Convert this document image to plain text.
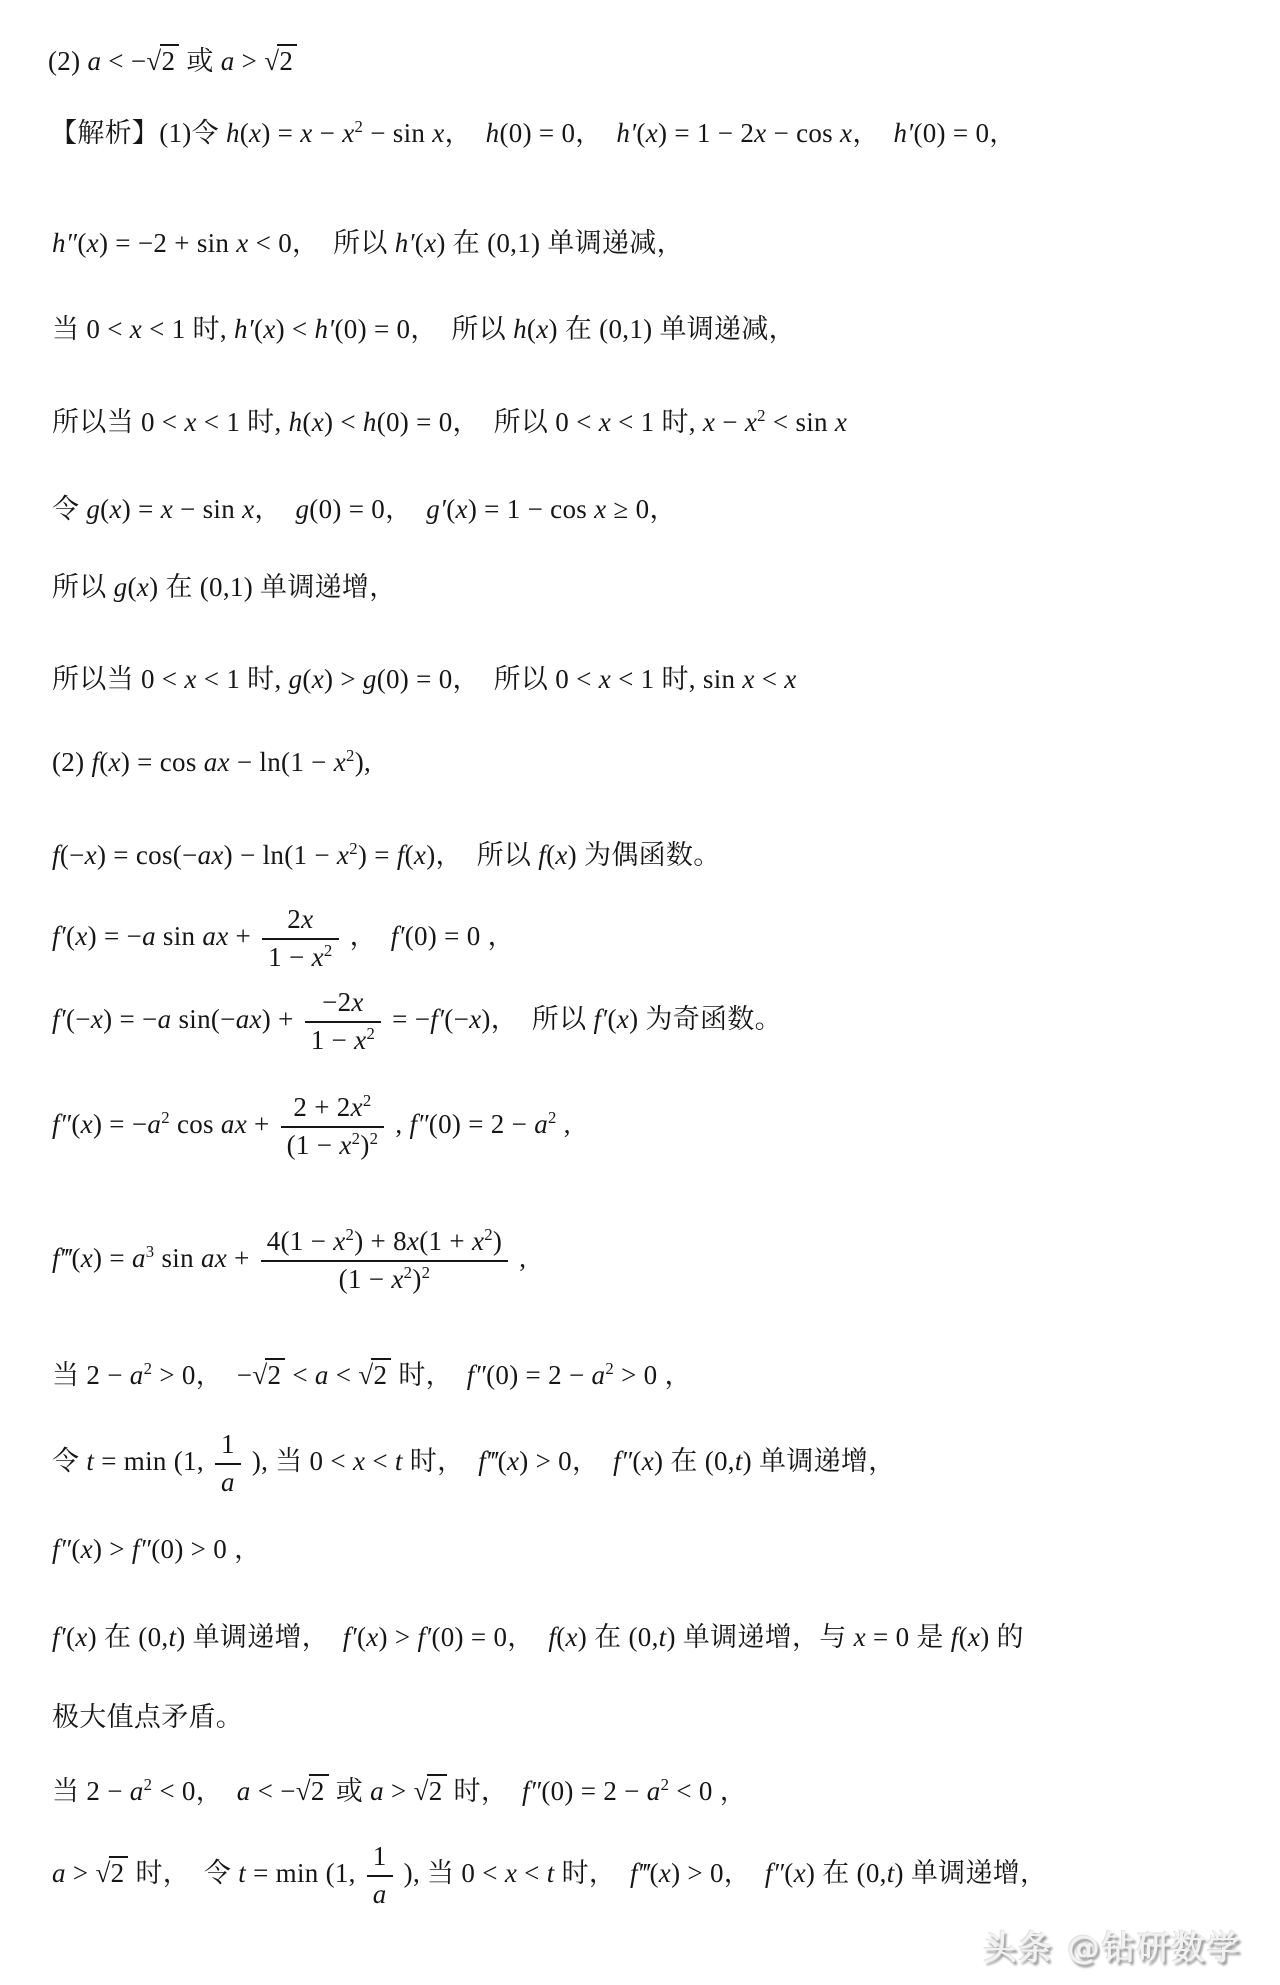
(2) a < −√2 或 a > √2
【解析】(1)令 $h(x) = x - x^2 - \sin x$，　h(0) = 0，　h′(x) = 1 − 2x − cos x，　h′(0) = 0，
h″(x) = −2 + sin x < 0，　所以 h′(x) 在 (0,1) 单调递减，
当 0 < x < 1 时, h′(x) < h′(0) = 0，　所以 h(x) 在 (0,1) 单调递减，
所以当 0 < x < 1 时, h(x) < h(0) = 0，　所以 0 < x < 1 时, $x - x^2 < \sin x$
令 g(x) = x − sin x，　g(0) = 0，　g′(x) = 1 − cos x ≥ 0，
所以 g(x) 在 (0,1) 单调递增，
所以当 0 < x < 1 时, g(x) > g(0) = 0，　所以 0 < x < 1 时, sin x < x
(2) f(x) = cos ax − $\ln(1 - x^2)$,
$f(-x) = \cos(-ax) - \ln(1 - x^2) = f(x)$，　所以 f(x) 为偶函数。
f′(x) = −a sin ax + $\frac{2x}{1 - x^2}$ ，　f′(0) = 0 ，
f′(−x) = −a $\sin(-ax) + \frac{-2x}{1 - x^2} = -f'(-x)$，　所以 f′(x) 为奇函数。
$f''(x) = -a^2$ cos ax + $\frac{2 + 2x^2}{(1 - x^2)^2}$ , $f''(0) = 2 - a^2$ ,
f‴(x) = $a^3$ sin ax + $\frac{4(1 - x^2) + 8x(1 + x^2)}{(1 - x^2)^2}$ ,
当 $2 - a^2 > 0$，　−√2 < a < √2 时，　$f''(0) = 2 - a^2 > 0$ ，
令 t = min (1, $\frac{1}{a}$ ), 当 0 < x < t 时，　f‴(x) > 0，　f″(x) 在 (0,t) 单调递增，
f″(x) > f″(0) > 0 ，
f′(x) 在 (0,t) 单调递增，　f′(x) > f′(0) = 0，　f(x) 在 (0,t) 单调递增，与 x = 0 是 f(x) 的
极大值点矛盾。
当 $2 - a^2 < 0$，　a < −√2 或 a > √2 时，　$f''(0) = 2 - a^2 < 0$ ，
a > √2 时，　令 t = min (1, $\frac{1}{a}$ ), 当 0 < x < t 时，　f‴(x) > 0，　f″(x) 在 (0,t) 单调递增，
头条 @钻研数学
